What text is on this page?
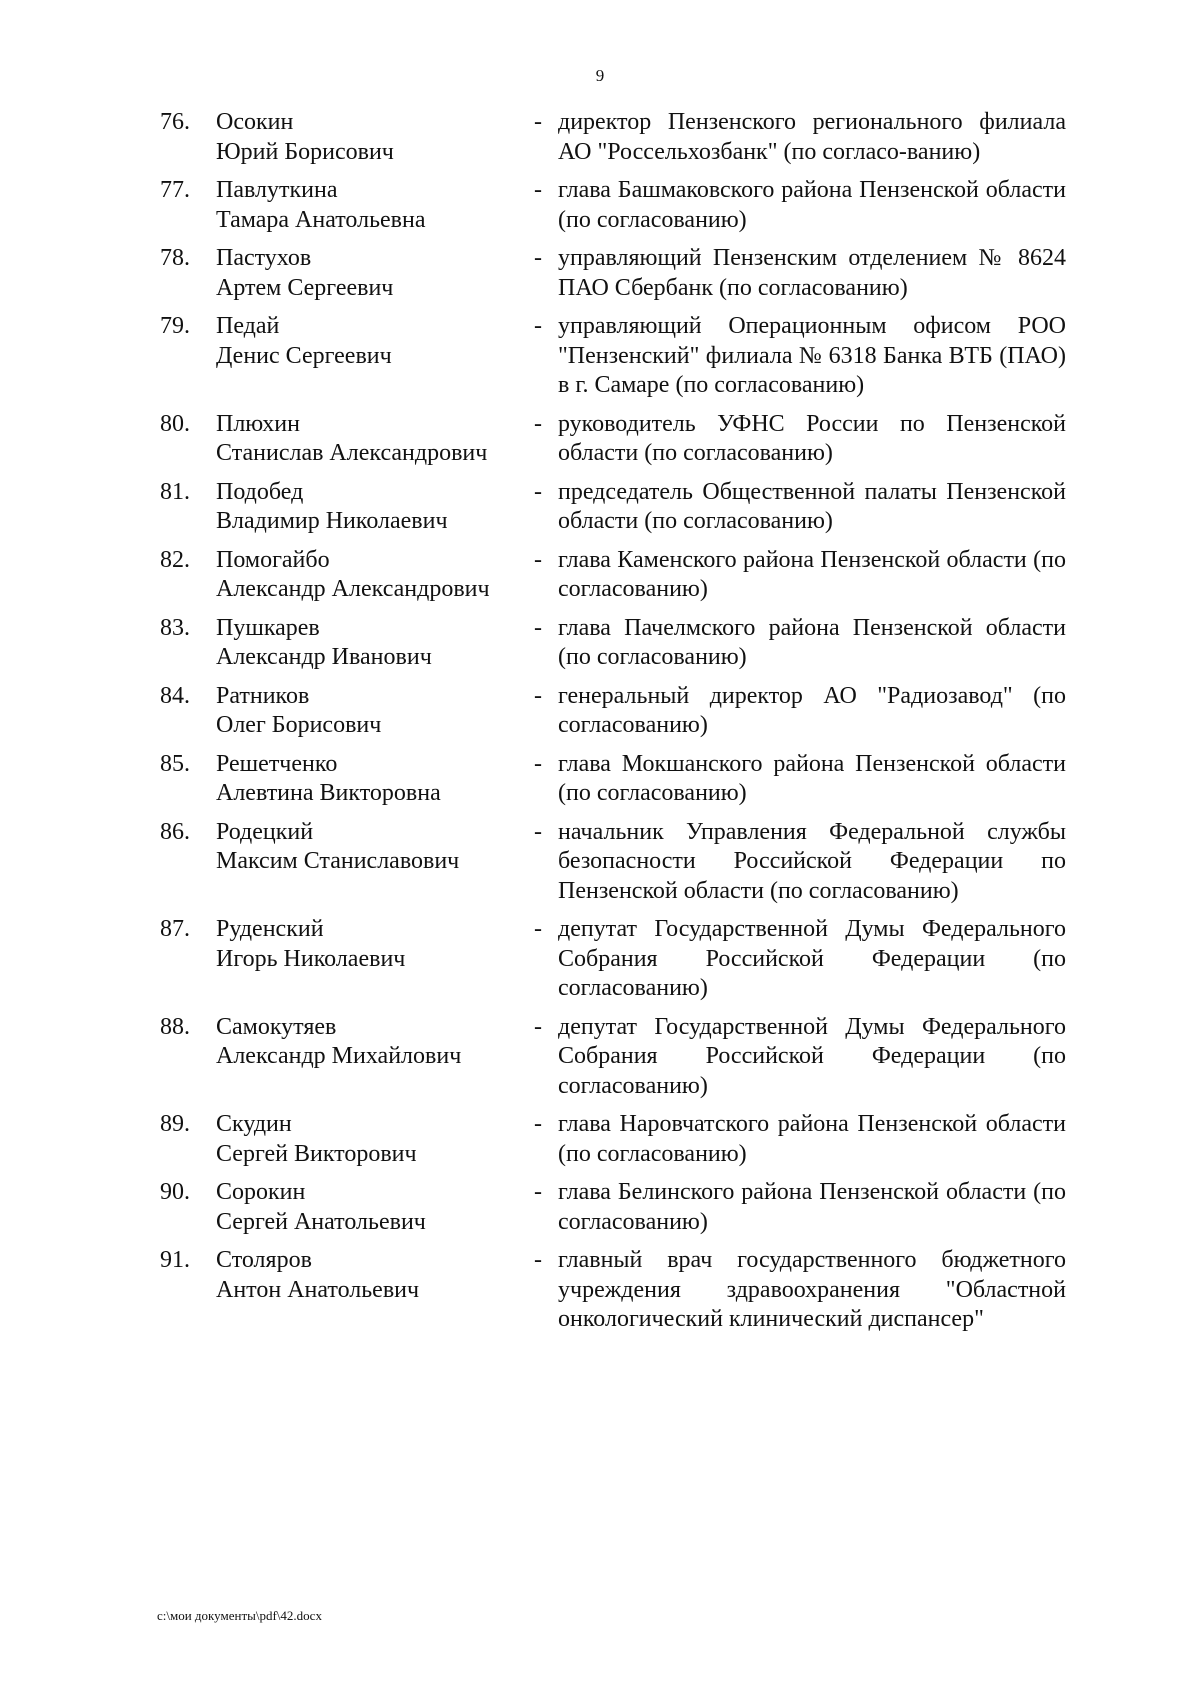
9
76.	Осокин
Юрий Борисович
- директор Пензенского регионального филиала АО "Россельхозбанк" (по согласо-ванию)
77.	Павлуткина
Тамара Анатольевна
- глава Башмаковского района Пензенской области (по согласованию)
78.	Пастухов
Артем Сергеевич
- управляющий Пензенским отделением № 8624 ПАО Сбербанк (по согласованию)
79.	Педай
Денис Сергеевич
- управляющий Операционным офисом РОО "Пензенский" филиала № 6318 Банка ВТБ (ПАО) в г. Самаре (по согласованию)
80.	Плюхин
Станислав Александрович
- руководитель УФНС России по Пензенской области (по согласованию)
81.	Подобед
Владимир Николаевич
- председатель Общественной палаты Пензенской области (по согласованию)
82.	Помогайбо
Александр Александрович
- глава Каменского района Пензенской области (по согласованию)
83.	Пушкарев
Александр Иванович
- глава Пачелмского района Пензенской области (по согласованию)
84.	Ратников
Олег Борисович
- генеральный директор АО "Радиозавод" (по согласованию)
85.	Решетченко
Алевтина Викторовна
- глава Мокшанского района Пензенской области (по согласованию)
86.	Родецкий
Максим Станиславович
- начальник Управления Федеральной службы безопасности Российской Федерации по Пензенской области (по согласованию)
87.	Руденский
Игорь Николаевич
- депутат Государственной Думы Федерального Собрания Российской Федерации (по согласованию)
88.	Самокутяев
Александр Михайлович
- депутат Государственной Думы Федерального Собрания Российской Федерации (по согласованию)
89.	Скудин
Сергей Викторович
- глава Наровчатского района Пензенской области (по согласованию)
90.	Сорокин
Сергей Анатольевич
- глава Белинского района Пензенской области (по согласованию)
91.	Столяров
Антон Анатольевич
- главный врач государственного бюджетного учреждения здравоохранения "Областной онкологический клинический диспансер"
c:\мои документы\pdf\42.docx
